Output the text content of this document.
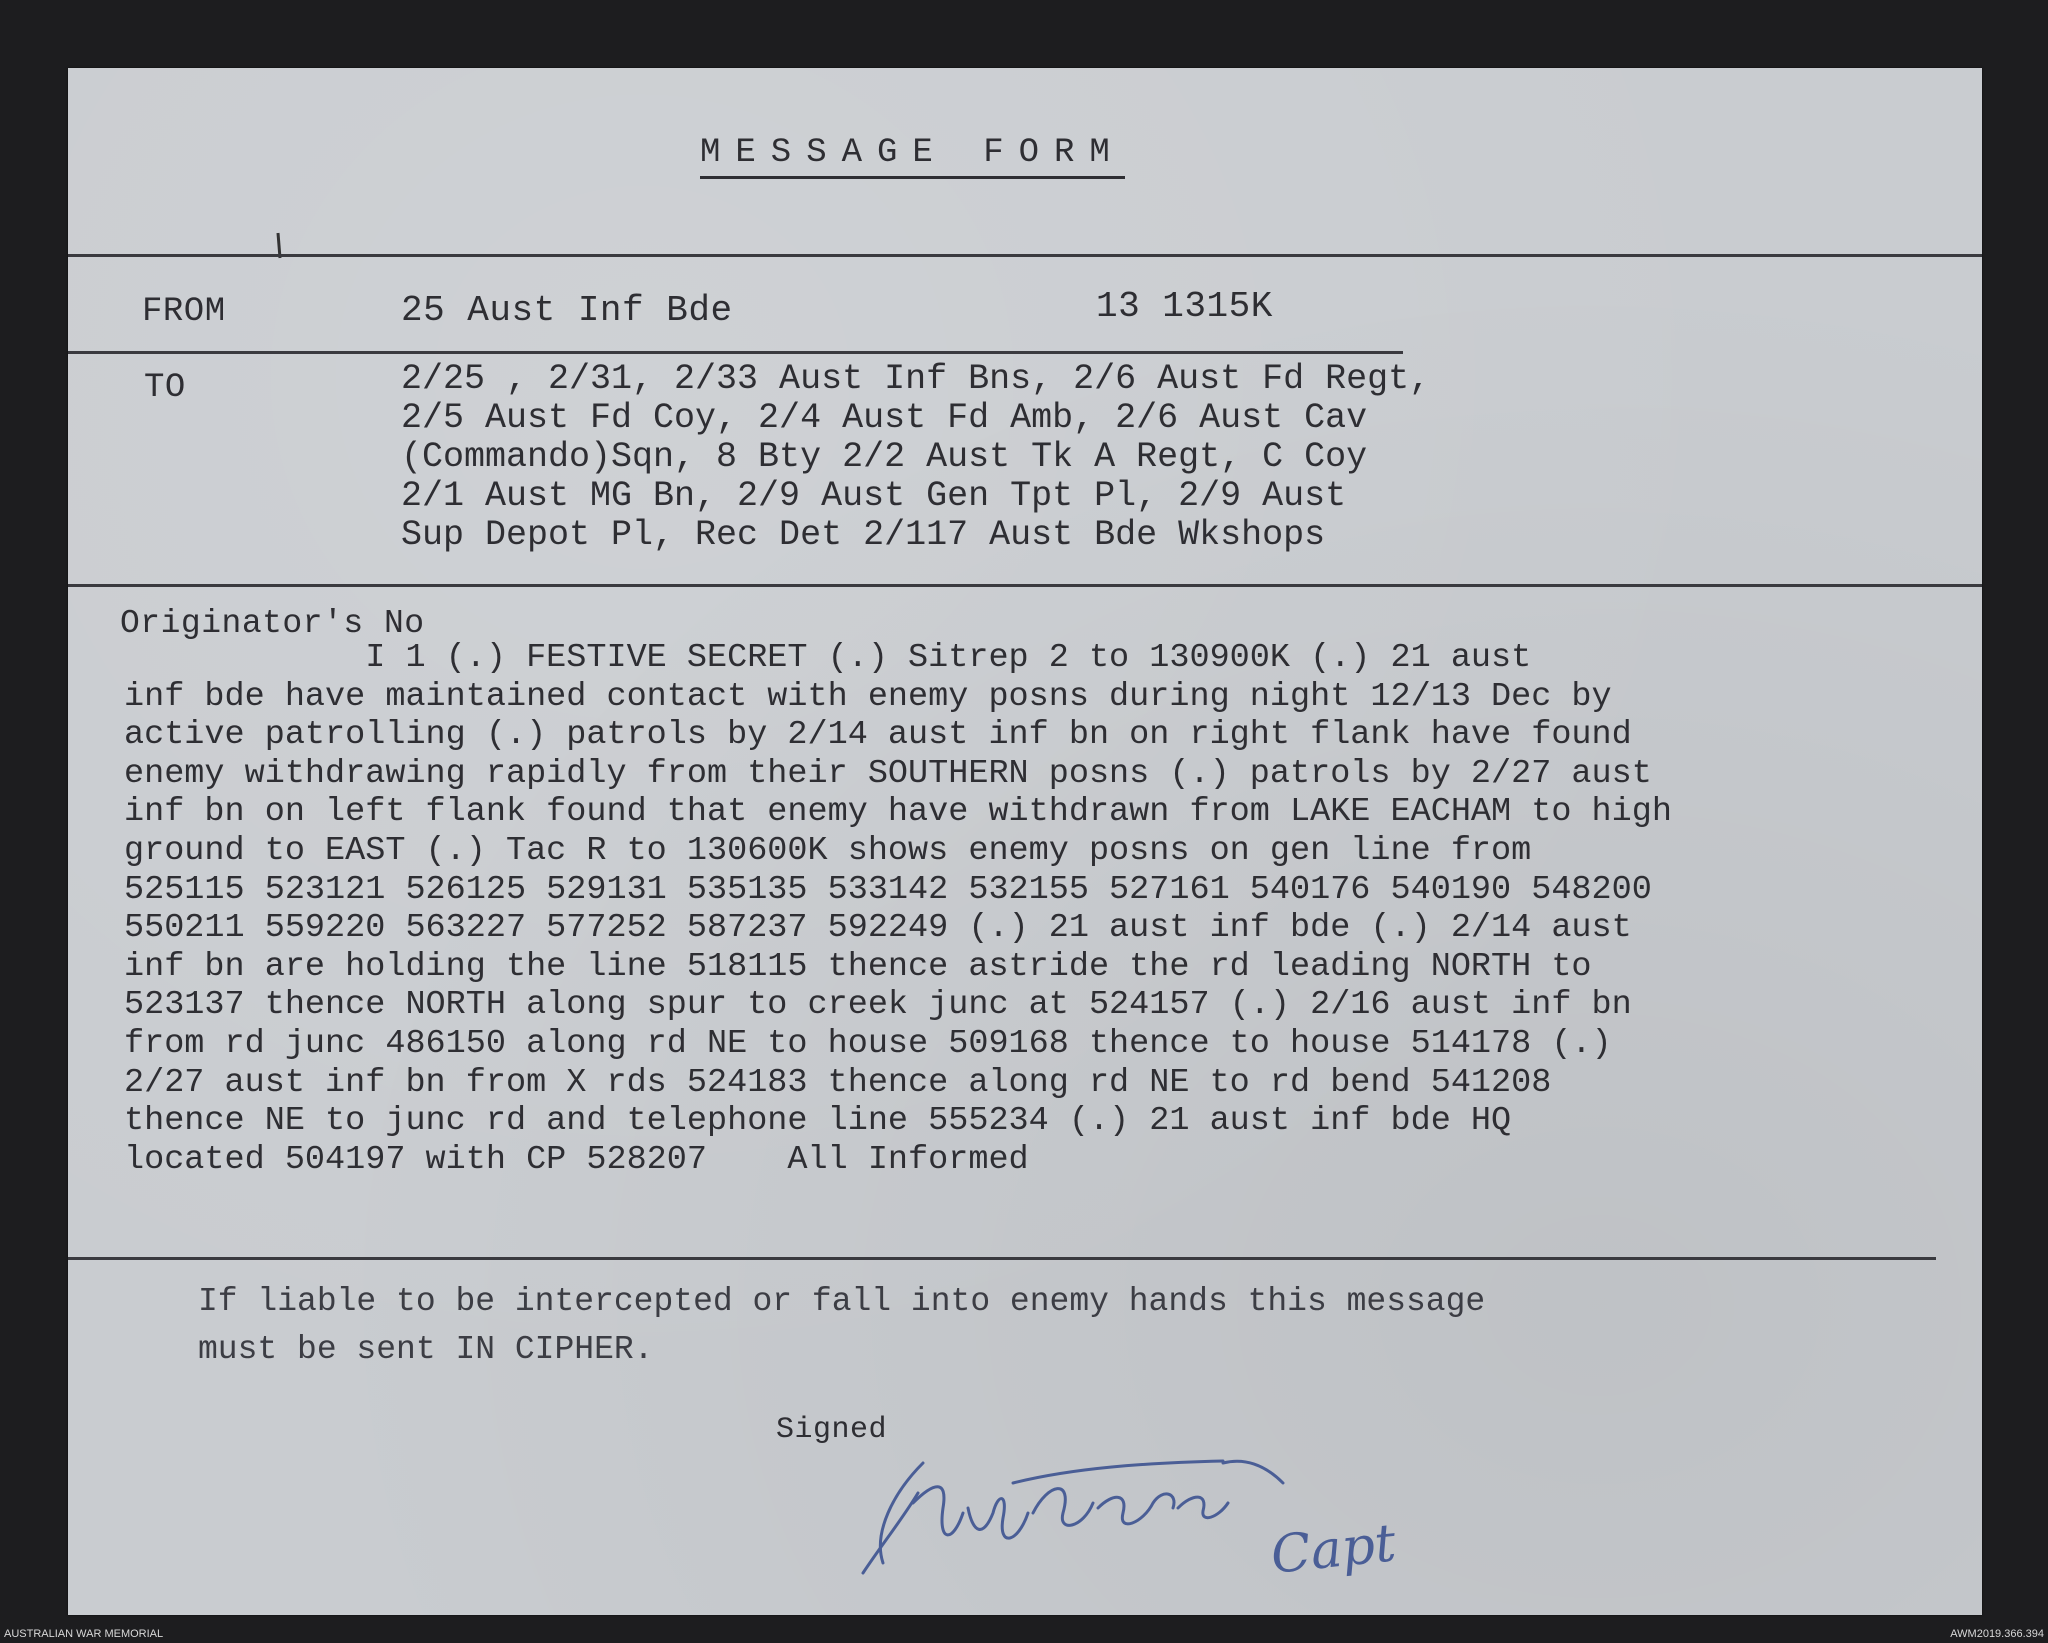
MESSAGE FORM
FROM	25 Aust Inf Bde	13 1315K
TO	2/25 , 2/31, 2/33 Aust Inf Bns, 2/6 Aust Fd Regt,
2/5 Aust Fd Coy, 2/4 Aust Fd Amb, 2/6 Aust Cav
(Commando)Sqn, 8 Bty 2/2 Aust Tk A Regt, C Coy
2/1 Aust MG Bn, 2/9 Aust Gen Tpt Pl, 2/9 Aust
Sup Depot Pl, Rec Det 2/117 Aust Bde Wkshops
Originator's No
I 1 (.) FESTIVE SECRET (.) Sitrep 2 to 130900K (.) 21 aust
inf bde have maintained contact with enemy posns during night 12/13 Dec by
active patrolling (.) patrols by 2/14 aust inf bn on right flank have found
enemy withdrawing rapidly from their SOUTHERN posns (.) patrols by 2/27 aust
inf bn on left flank found that enemy have withdrawn from LAKE EACHAM to high
ground to EAST (.) Tac R to 130600K shows enemy posns on gen line from
525115 523121 526125 529131 535135 533142 532155 527161 540176 540190 548200
550211 559220 563227 577252 587237 592249 (.) 21 aust inf bde (.) 2/14 aust
inf bn are holding the line 518115 thence astride the rd leading NORTH to
523137 thence NORTH along spur to creek junc at 524157 (.) 2/16 aust inf bn
from rd junc 486150 along rd NE to house 509168 thence to house 514178 (.)
2/27 aust inf bn from X rds 524183 thence along rd NE to rd bend 541208
thence NE to junc rd and telephone line 555234 (.) 21 aust inf bde HQ
located 504197 with CP 528207    All Informed
If liable to be intercepted or fall into enemy hands this message
must be sent IN CIPHER.
Signed
Capt
AUSTRALIAN WAR MEMORIAL	AWM2019.366.394
